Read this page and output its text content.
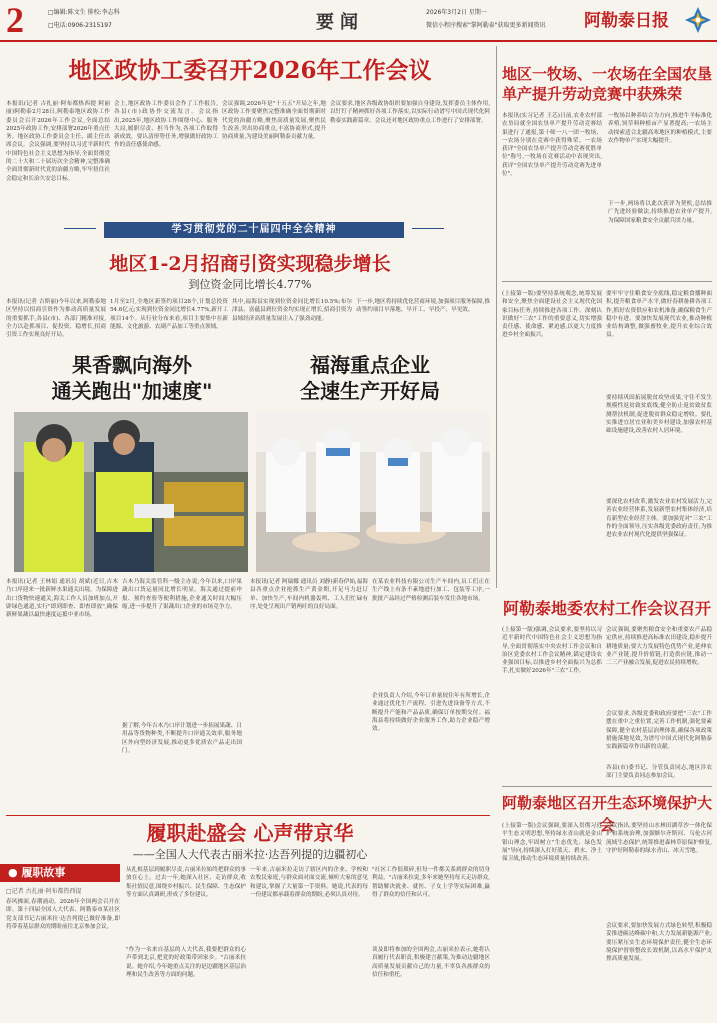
2	□编辑:陈文生 排校:李志科
□电话:0906-2315197	要闻	2026年3月2日 星期一
微信小程序搜索"掌阿勒泰"获取更多新闻资讯 阿勒泰日报
地区政协工委召开2026年工作会议
本报讯(记者 古扎丽·阿布都热西提 阿丽丽)阿勒泰2月28日,阿勒泰地区政协工作委员会召开2026年工作会议,全面总结2025年政协工作,安排部署2026年重点任务。地区政协工作委员会主任、副主任出席会议。会议强调,要坚持以习近平新时代中国特色社会主义思想为指导,全面贯彻党的二十大和二十届历次全会精神,完整准确全面贯彻新时代党的治疆方略,牢牢扭住社会稳定和长治久安总目标。
会上,地区政协工作委员会作了工作报告,各县(市)政协作交流发言。会议指出,2025年,地区政协工作围绕中心、服务大局,履职尽责、担当作为,各项工作取得新成效。要认清形势任务,增强做好政协工作的责任感使命感。
会议强调,2026年是"十五五"开局之年,地区政协工作要聚焦完整准确全面贯彻新时代党的治疆方略,聚焦高质量发展,聚焦民生改善,突出协商重点,丰富协商形式,提升协商质量,为建设美丽阿勒泰贡献力量。
会议要求,地区各级政协组织要加强自身建设,发挥委员主体作用,以钉钉子精神抓好各项工作落实,以实际行动谱写中国式现代化阿勒泰实践新篇章。会议还对地区政协重点工作进行了安排部署。
地区一牧场、一农场在全国农垦单产提升劳动竞赛中获殊荣
本报讯(实习记者 王芯)日前,农业农村部农垦局就全国农垦单产提升劳动竞赛结果进行了通报,第十师一八一团一牧场、一农场分别在竞赛中获得殊荣。一农场获评"全国农垦单产提升劳动竞赛优胜单位"称号,一牧场在竞赛活动中表现突出,获评"全国农垦单产提升劳动竞赛先进单位"。
一牧场以种养结合为方向,推进牛羊标准化养殖,饲草料种植亩产显著提高;一农场主动探索适合北疆高寒地区的种植模式,主要农作物单产实现大幅提升。
下一步,两场将以此次获评为契机,总结推广先进经验做法,持续推进农业单产提升,为保障国家粮食安全贡献兵团力量。
学习贯彻党的二十届四中全会精神
地区1-2月招商引资实现稳步增长
到位资金同比增长4.77%
本报讯(记者 吉斯丽)今年以来,阿勒泰地区坚持以招商引资作为推动高质量发展的重要抓手,各县(市)、各部门精准对接,全力以赴抓项目、促投资、稳增长,招商引资工作实现良好开局。
1月至2月,全地区新签约项目28个,计划总投资54.6亿元;实现到位资金同比增长4.77%,新开工项目14个。从行业分布来看,项目主要集中在新能源、文化旅游、农副产品加工等重点领域。
其中,福海县实现到位资金同比增长10.5%;布尔津县、富蕴县到位资金均实现正增长,招商引资为县域经济高质量发展注入了强劲动能。
下一步,地区将持续优化营商环境,加强项目服务保障,推动签约项目早落地、早开工、早投产、早见效。
果香飘向海外
通关跑出"加速度"
福海重点企业
全速生产开好局
本报讯(记者 王林娟 通讯员 胡斌)近日,吉木乃口岸迎来一批新鲜水果通关出境。为保障进出口货物快速通关,海关工作人员加班加点,开辟绿色通道,实行"即到即查、即查即放",确保新鲜果蔬以最快速度运抵中亚市场。
吉木乃海关监管科一级主办说,今年以来,口岸果蔬出口货运量同比增长明显。海关通过提前申报、预约查验等便利措施,企业通关时间大幅压缩,进一步提升了果蔬出口企业的市场竞争力。
据了解,今年吉木乃口岸计划进一步拓展果蔬、日用品等货物种类,不断提升口岸通关效率,服务地区外向型经济发展,推动更多优质农产品走出国门。
本报讯(记者 阿瑞娜 通讯员 刘静)新春伊始,福海县各重点企业抢抓生产黄金期,开足马力赶订单、加快生产,车间内机器轰鸣、工人们忙碌有序,处处呈现出产销两旺的良好局面。
在某农业科技有限公司生产车间内,员工们正在生产线上有条不紊地进行加工、包装等工序,一批批产品经过严格检测后装车发往各地市场。
企业负责人介绍,今年订单量较往年有所增长,企业通过优化生产流程、引进先进设备等方式,不断提升产能和产品品质,确保订单按期交付。福海县将持续做好企业服务工作,助力企业稳产增效。
(上接第一版)要坚持系统观念,统筹发展和安全,聚焦全面建设社会主义现代化国家目标任务,持续推进各项工作。深刻认识做好"三农"工作的重要意义,切实增强责任感、使命感、紧迫感,以更大力度推进乡村全面振兴。
要牢牢守住粮食安全底线,稳定粮食播种面积,提升粮食单产水平,做好春耕备耕各项工作,抓好农资供应和农机准备,确保粮食生产稳中有进。要加快发展现代农业,推动种植业结构调整,做强畜牧业,提升农业综合效益。
要持续巩固拓展脱贫攻坚成果,守住不发生规模性返贫致贫底线,健全防止返贫致贫监测帮扶机制,促进脱贫群众稳定增收。要扎实推进宜居宜业和美乡村建设,加强农村基础设施建设,改善农村人居环境。
要深化农村改革,激发农业农村发展活力,完善农业经营体系,发展新型农村集体经济,培育新型农业经营主体。要加强党对"三农"工作的全面领导,压实各级党委政府责任,为推进农业农村现代化提供坚强保证。
阿勒泰地委农村工作会议召开
(上接第一版)强调,会议要求,要坚持以习近平新时代中国特色社会主义思想为指导,全面贯彻落实中央农村工作会议和自治区党委农村工作会议精神,锚定建设农业强国目标,以推进乡村全面振兴为总抓手,扎实做好2026年"三农"工作。
会议强调,要聚焦粮食安全和重要农产品稳定供应,持续推进高标准农田建设,稳步提升耕地质量;要大力发展特色优势产业,延伸农业产业链,提升价值链,打造供应链,推动一二三产业融合发展,促进农民持续增收。
会议要求,各级党委和政府要把"三农"工作摆在重中之重位置,完善工作机制,强化要素保障,健全农村基层治理体系,确保各项政策措施落地见效,为谱写中国式现代化阿勒泰实践新篇章作出新的贡献。
各县(市)委书记、分管负责同志,地区涉农部门主要负责同志参加会议。
阿勒泰地区召开生态环境保护大会
(上接第一版)会议强调,要深入贯彻习近平生态文明思想,坚持绿水青山就是金山银山理念,牢固树立"生态优先、绿色发展"导向,持续深入打好蓝天、碧水、净土保卫战,推动生态环境质量持续改善。
会议指出,要坚持山水林田湖草沙一体化保护和系统治理,加强额尔齐斯河、乌伦古河流域生态保护,统筹推进森林草原保护修复,守护好阿勒泰的绿水青山、冰天雪地。
会议要求,要加快发展方式绿色转型,积极稳妥推进碳达峰碳中和,大力发展新能源产业;要压紧压实生态环境保护责任,健全生态环境保护督察整改长效机制,以高水平保护支撑高质量发展。
履职赴盛会 心声带京华
——全国人大代表古丽米拉·达吾列提的边疆初心
● 履职故事
□记者 古扎丽·阿布都热西提
春风拂面,春潮涌动。2026年全国两会召开在即。第十四届全国人大代表、阿勒泰市某社区党支部书记古丽米拉·达吾列提已做好准备,即将带着基层群众的期盼前往北京参加会议。
从扎根基层到履职尽责,古丽米拉始终把群众的事放在心上。过去一年,她深入社区、走访群众,收集社情民意,围绕乡村振兴、民生保障、生态保护等方面认真调研,形成了多份建议。
"作为一名来自基层的人大代表,我要把群众的心声带到北京,把党的好政策带回家乡。"古丽米拉说。她介绍,今年她重点关注的是边疆地区基层治理和民生改善等方面的问题。
一年来,古丽米拉走访了辖区内的企业、学校和农牧民家庭,与群众面对面交流,倾听大家的意见和建议,掌握了大量第一手资料。她说,代表的每一份建议都承载着群众的期盼,必须认真对待。
"社区工作很琐碎,但每一件都关系到群众的切身利益。"古丽米拉说,多年来她坚持每天走访群众,帮助解决就业、就医、子女上学等实际困难,赢得了群众的信任和认可。
谈及即将参加的全国两会,古丽米拉表示,她将认真履行代表职责,积极建言献策,为推动边疆地区高质量发展贡献自己的力量,不辜负各族群众的信任和重托。
